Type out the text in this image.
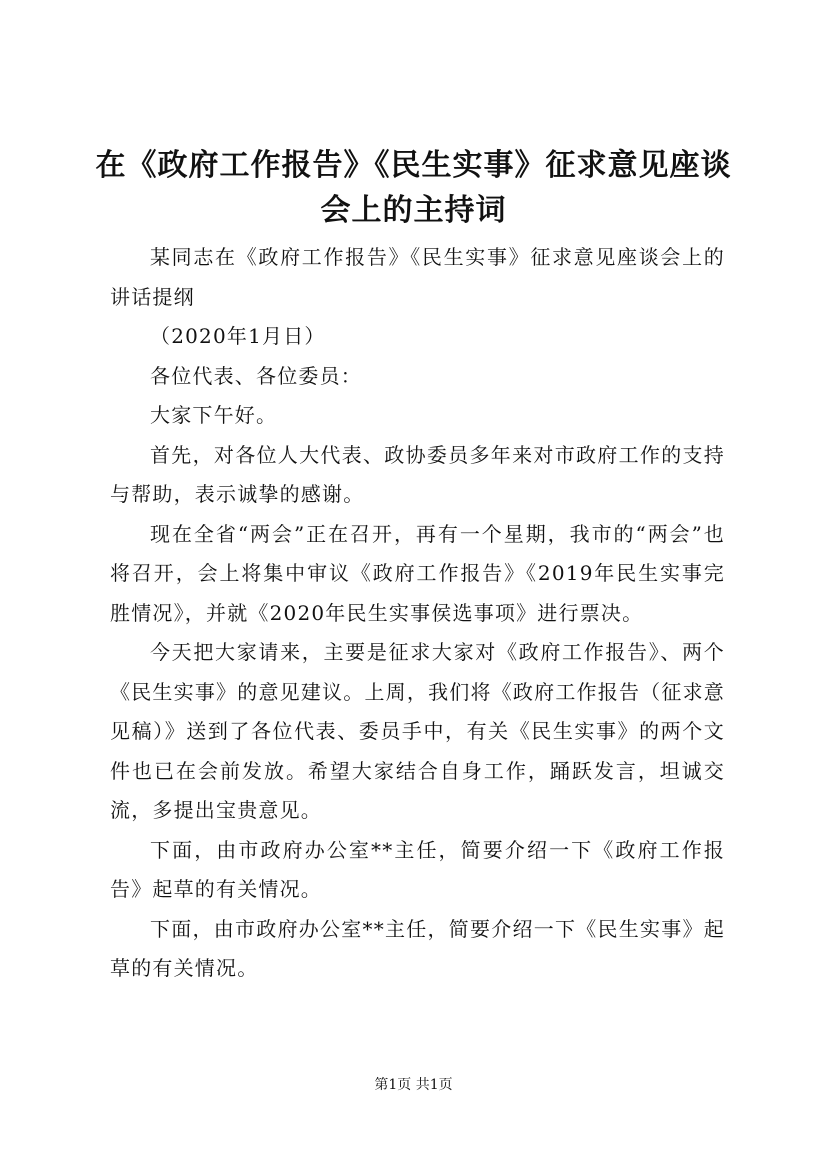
在《政府工作报告》《民生实事》征求意见座谈会上的主持词

某同志在《政府工作报告》《民生实事》征求意见座谈会上的讲话提纲

（2020年1月日）

各位代表、各位委员：

大家下午好。

首先，对各位人大代表、政协委员多年来对市政府工作的支持与帮助，表示诚挚的感谢。

现在全省“两会”正在召开，再有一个星期，我市的“两会”也将召开，会上将集中审议《政府工作报告》《2019年民生实事完胜情况》，并就《2020年民生实事侯选事项》进行票决。

今天把大家请来，主要是征求大家对《政府工作报告》、两个《民生实事》的意见建议。上周，我们将《政府工作报告（征求意见稿）》送到了各位代表、委员手中，有关《民生实事》的两个文件也已在会前发放。希望大家结合自身工作，踊跃发言，坦诚交流，多提出宝贵意见。

下面，由市政府办公室**主任，简要介绍一下《政府工作报告》起草的有关情况。

下面，由市政府办公室**主任，简要介绍一下《民生实事》起草的有关情况。

第1页 共1页
